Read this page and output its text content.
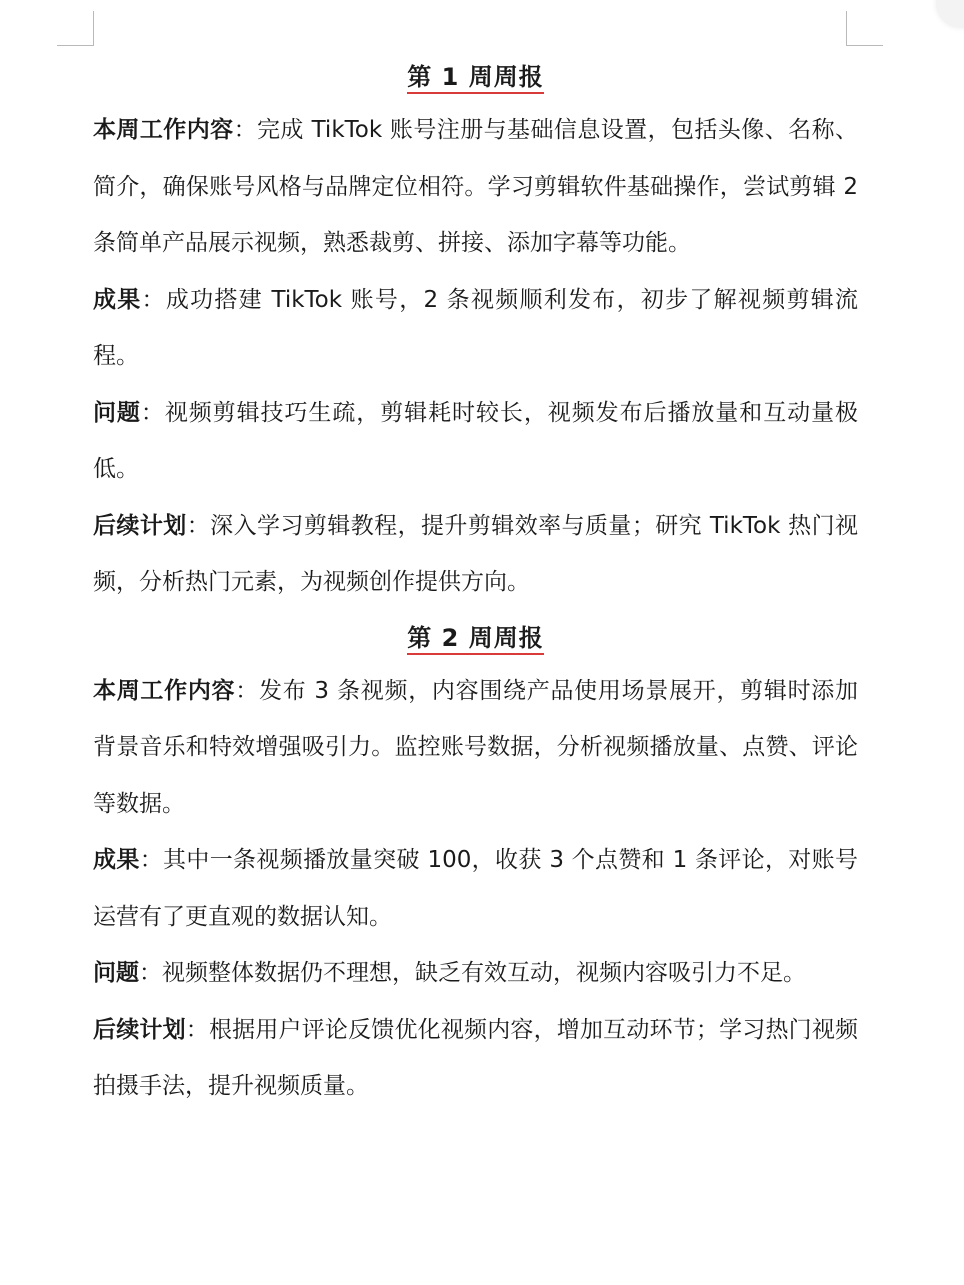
第 1 周周报

本周工作内容：完成 TikTok 账号注册与基础信息设置，包括头像、名称、简介，确保账号风格与品牌定位相符。学习剪辑软件基础操作，尝试剪辑 2 条简单产品展示视频，熟悉裁剪、拼接、添加字幕等功能。

成果：成功搭建 TikTok 账号，2 条视频顺利发布，初步了解视频剪辑流程。

问题：视频剪辑技巧生疏，剪辑耗时较长，视频发布后播放量和互动量极低。

后续计划：深入学习剪辑教程，提升剪辑效率与质量；研究 TikTok 热门视频，分析热门元素，为视频创作提供方向。

第 2 周周报

本周工作内容：发布 3 条视频，内容围绕产品使用场景展开，剪辑时添加背景音乐和特效增强吸引力。监控账号数据，分析视频播放量、点赞、评论等数据。

成果：其中一条视频播放量突破 100，收获 3 个点赞和 1 条评论，对账号运营有了更直观的数据认知。

问题：视频整体数据仍不理想，缺乏有效互动，视频内容吸引力不足。

后续计划：根据用户评论反馈优化视频内容，增加互动环节；学习热门视频拍摄手法，提升视频质量。
